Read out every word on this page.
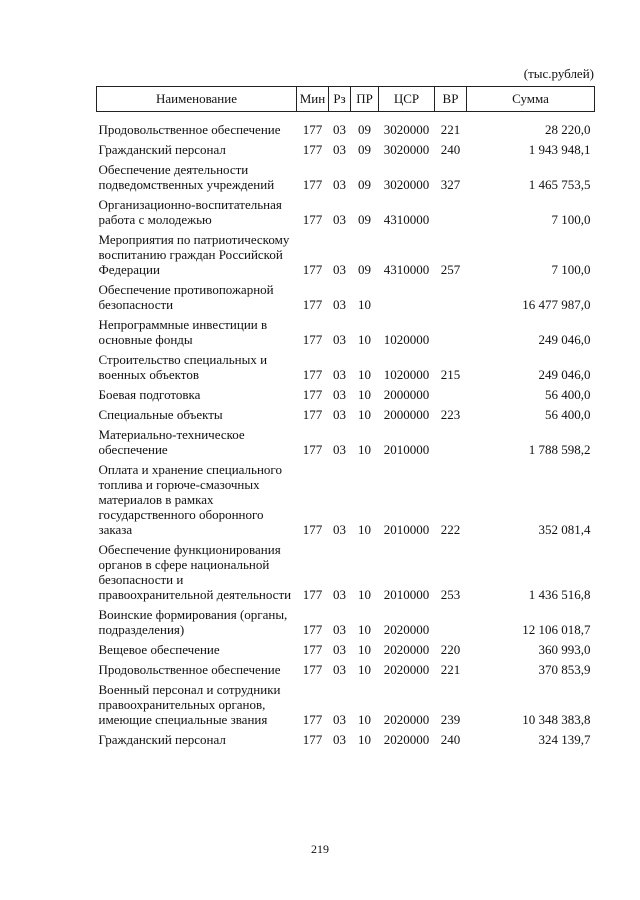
(тыс.рублей)
Наименование	Мин	Рз	ПР	ЦСР	ВР	Сумма

Продовольственное обеспечение	177	03	09	3020000	221	28 220,0
Гражданский персонал	177	03	09	3020000	240	1 943 948,1
Обеспечение деятельности подведомственных учреждений	177	03	09	3020000	327	1 465 753,5
Организационно-воспитательная работа с молодежью	177	03	09	4310000		7 100,0
Мероприятия по патриотическому воспитанию граждан Российской Федерации	177	03	09	4310000	257	7 100,0
Обеспечение противопожарной безопасности	177	03	10			16 477 987,0
Непрограммные инвестиции в основные фонды	177	03	10	1020000		249 046,0
Строительство специальных и военных объектов	177	03	10	1020000	215	249 046,0
Боевая подготовка	177	03	10	2000000		56 400,0
Специальные объекты	177	03	10	2000000	223	56 400,0
Материально-техническое обеспечение	177	03	10	2010000		1 788 598,2
Оплата и хранение специального топлива и горюче-смазочных материалов в рамках государственного оборонного заказа	177	03	10	2010000	222	352 081,4
Обеспечение функционирования органов в сфере национальной безопасности и правоохранительной деятельности	177	03	10	2010000	253	1 436 516,8
Воинские формирования (органы, подразделения)	177	03	10	2020000		12 106 018,7
Вещевое обеспечение	177	03	10	2020000	220	360 993,0
Продовольственное обеспечение	177	03	10	2020000	221	370 853,9
Военный персонал и сотрудники правоохранительных органов, имеющие специальные звания	177	03	10	2020000	239	10 348 383,8
Гражданский персонал	177	03	10	2020000	240	324 139,7
219
